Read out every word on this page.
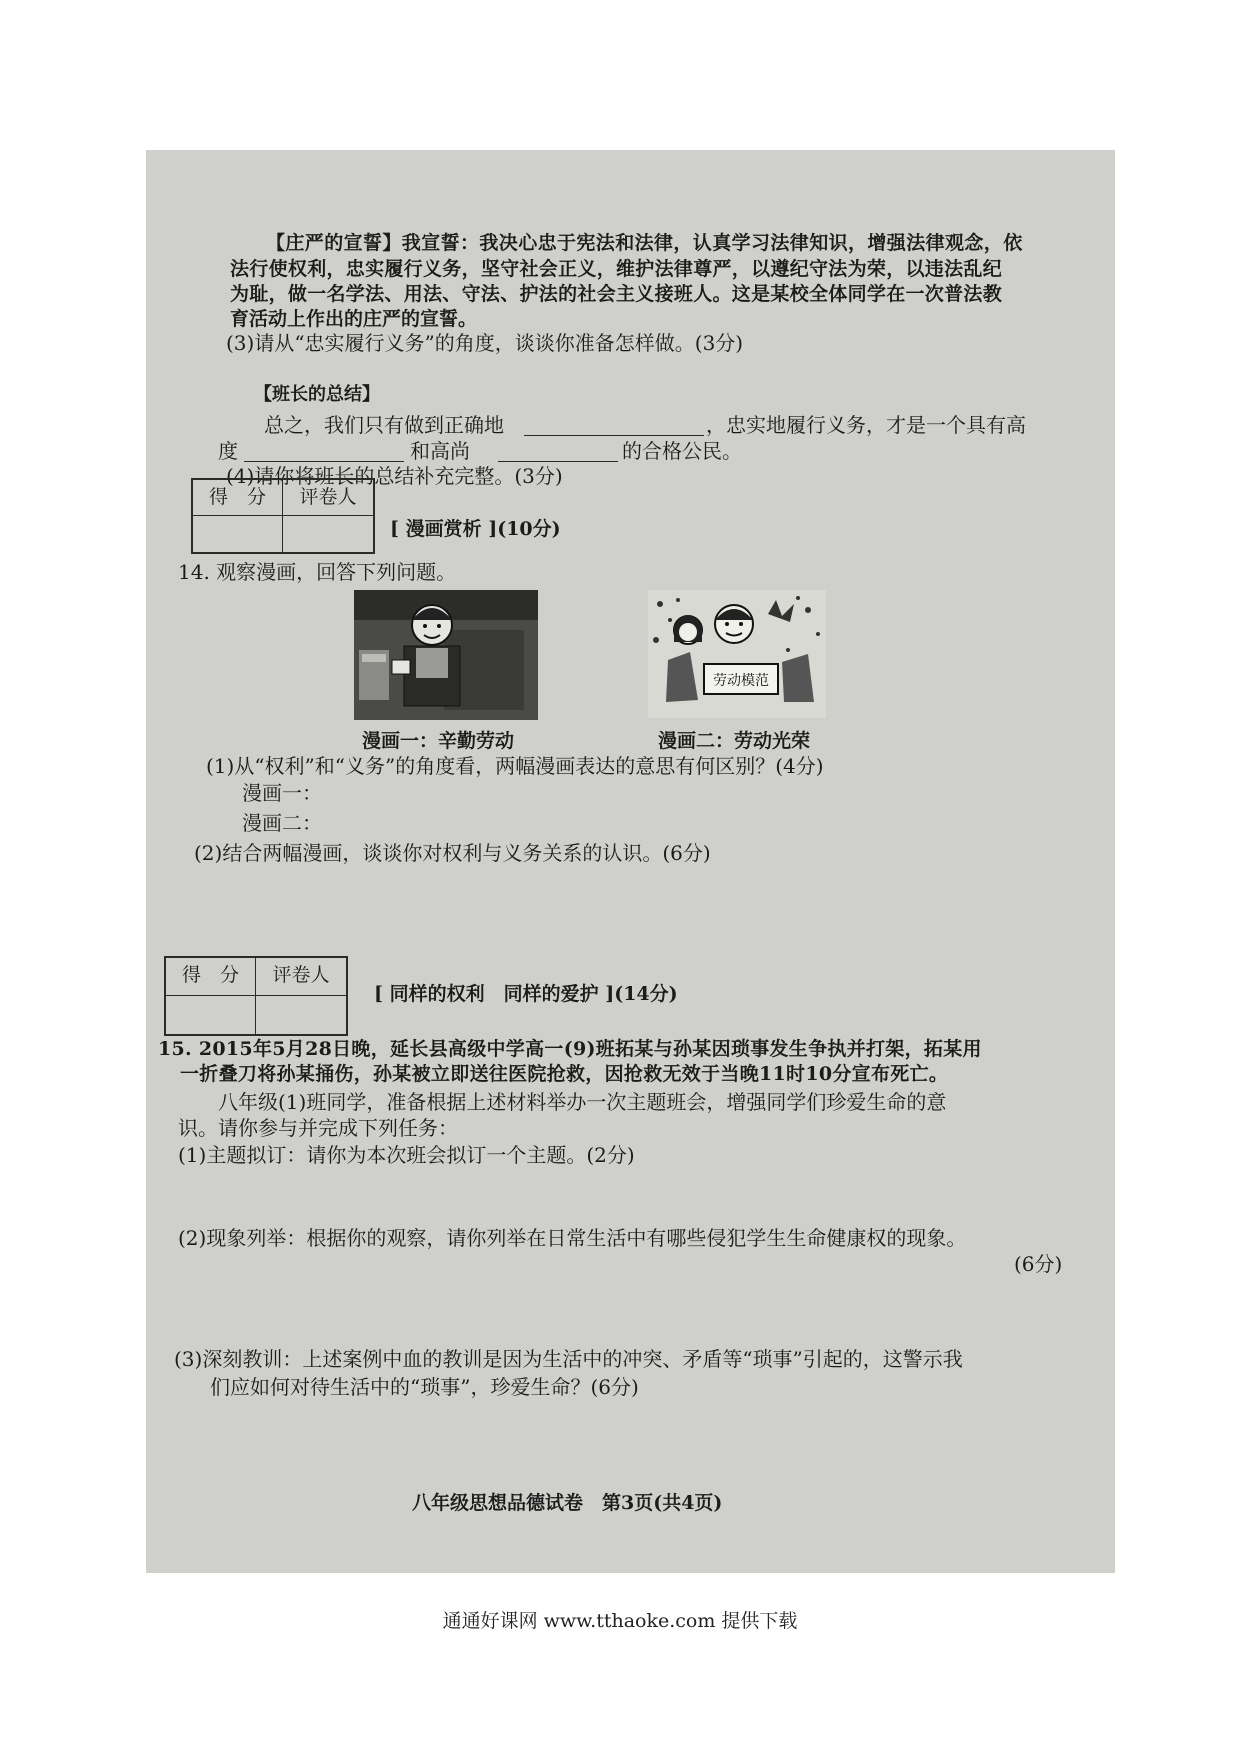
【庄严的宣誓】我宣誓：我决心忠于宪法和法律，认真学习法律知识，增强法律观念，依
法行使权利，忠实履行义务，坚守社会正义，维护法律尊严，以遵纪守法为荣，以违法乱纪
为耻，做一名学法、用法、守法、护法的社会主义接班人。这是某校全体同学在一次普法教
育活动上作出的庄严的宣誓。
(3)请从“忠实履行义务”的角度，谈谈你准备怎样做。(3分)
【班长的总结】
总之，我们只有做到正确地	，忠实地履行义务，才是一个具有高
度	和高尚	的合格公民。
(4)请你将班长的总结补充完整。(3分)
得　分	评卷人
[ 漫画赏析 ](10分)
14. 观察漫画，回答下列问题。
劳动模范
漫画一：辛勤劳动	漫画二：劳动光荣
(1)从“权利”和“义务”的角度看，两幅漫画表达的意思有何区别？(4分)
漫画一：
漫画二：
(2)结合两幅漫画，谈谈你对权利与义务关系的认识。(6分)
得　分	评卷人
[ 同样的权利　同样的爱护 ](14分)
15. 2015年5月28日晚，延长县高级中学高一(9)班拓某与孙某因琐事发生争执并打架，拓某用
一折叠刀将孙某捅伤，孙某被立即送往医院抢救，因抢救无效于当晚11时10分宣布死亡。
八年级(1)班同学，准备根据上述材料举办一次主题班会，增强同学们珍爱生命的意
识。请你参与并完成下列任务：
(1)主题拟订：请你为本次班会拟订一个主题。(2分)
(2)现象列举：根据你的观察，请你列举在日常生活中有哪些侵犯学生生命健康权的现象。
(6分)
(3)深刻教训：上述案例中血的教训是因为生活中的冲突、矛盾等“琐事”引起的，这警示我
们应如何对待生活中的“琐事”，珍爱生命？(6分)
八年级思想品德试卷　第3页(共4页)
通通好课网 www.tthaoke.com 提供下载
